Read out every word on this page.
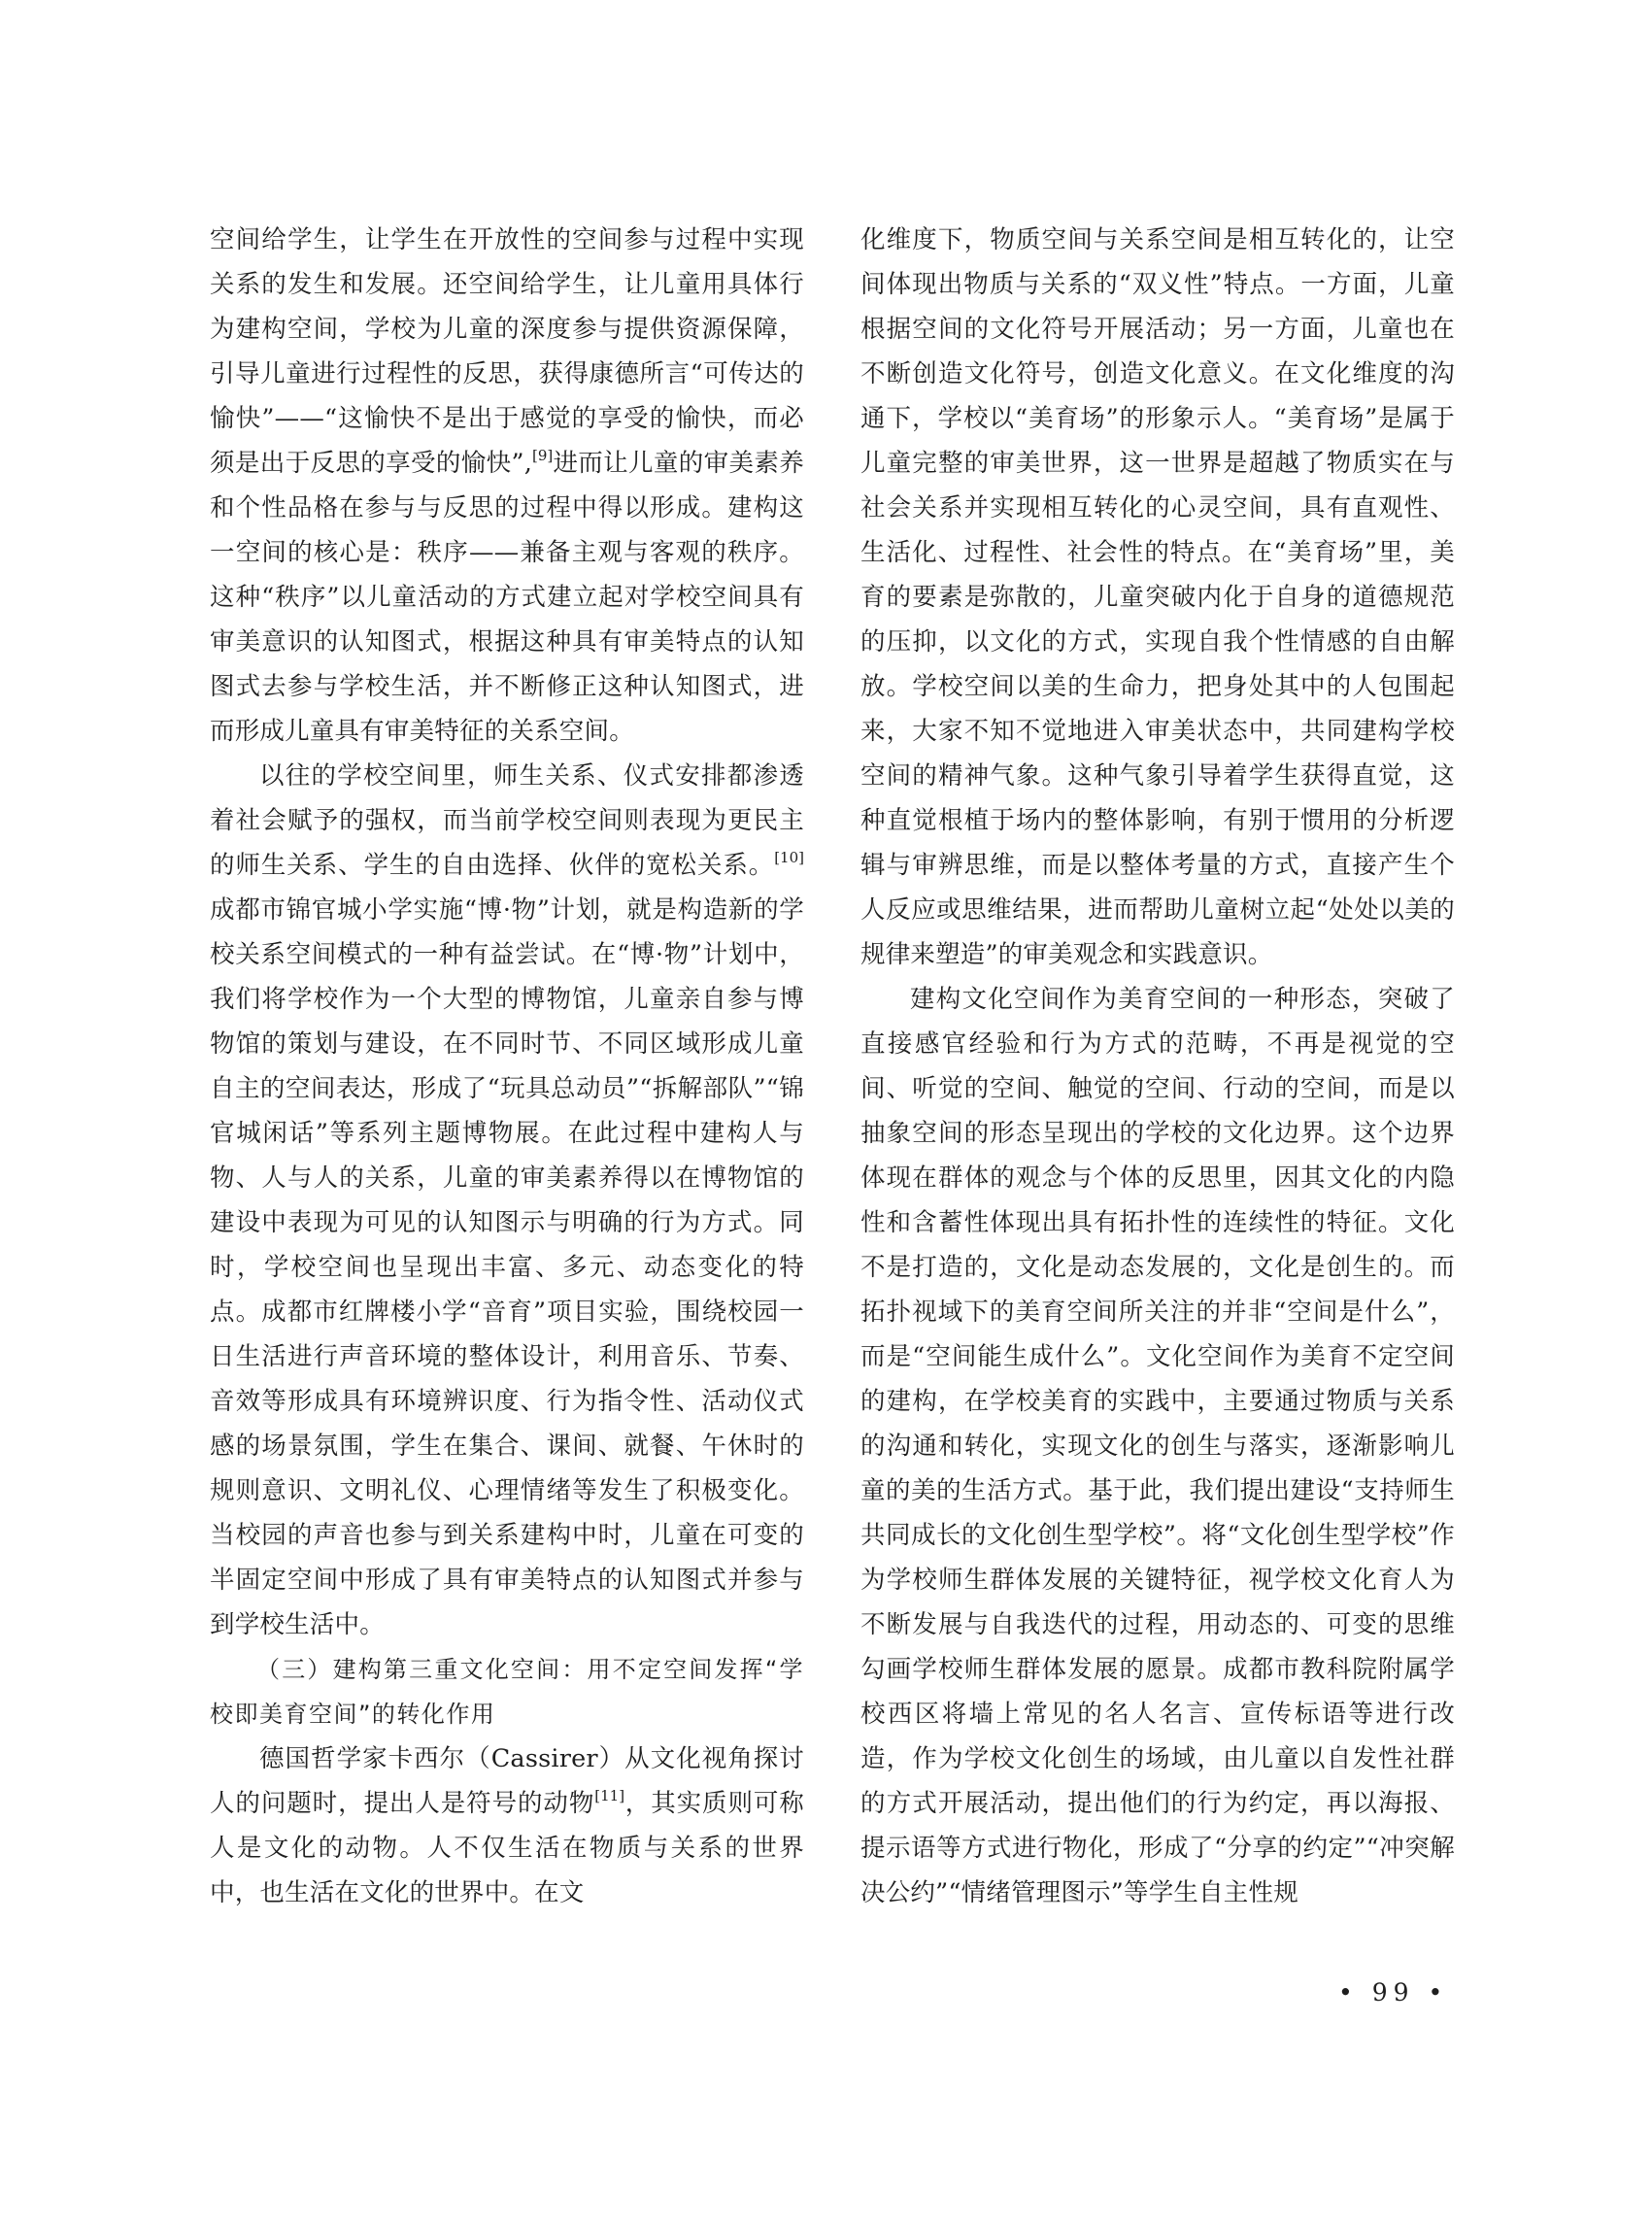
空间给学生，让学生在开放性的空间参与过程中实现关系的发生和发展。还空间给学生，让儿童用具体行为建构空间，学校为儿童的深度参与提供资源保障，引导儿童进行过程性的反思，获得康德所言“可传达的愉快”——“这愉快不是出于感觉的享受的愉快，而必须是出于反思的享受的愉快”,[9]进而让儿童的审美素养和个性品格在参与与反思的过程中得以形成。建构这一空间的核心是：秩序——兼备主观与客观的秩序。这种“秩序”以儿童活动的方式建立起对学校空间具有审美意识的认知图式，根据这种具有审美特点的认知图式去参与学校生活，并不断修正这种认知图式，进而形成儿童具有审美特征的关系空间。

以往的学校空间里，师生关系、仪式安排都渗透着社会赋予的强权，而当前学校空间则表现为更民主的师生关系、学生的自由选择、伙伴的宽松关系。[10]成都市锦官城小学实施“博·物”计划，就是构造新的学校关系空间模式的一种有益尝试。在“博·物”计划中，我们将学校作为一个大型的博物馆，儿童亲自参与博物馆的策划与建设，在不同时节、不同区域形成儿童自主的空间表达，形成了“玩具总动员”“拆解部队”“锦官城闲话”等系列主题博物展。在此过程中建构人与物、人与人的关系，儿童的审美素养得以在博物馆的建设中表现为可见的认知图示与明确的行为方式。同时，学校空间也呈现出丰富、多元、动态变化的特点。成都市红牌楼小学“音育”项目实验，围绕校园一日生活进行声音环境的整体设计，利用音乐、节奏、音效等形成具有环境辨识度、行为指令性、活动仪式感的场景氛围，学生在集合、课间、就餐、午休时的规则意识、文明礼仪、心理情绪等发生了积极变化。当校园的声音也参与到关系建构中时，儿童在可变的半固定空间中形成了具有审美特点的认知图式并参与到学校生活中。

（三）建构第三重文化空间：用不定空间发挥“学校即美育空间”的转化作用

德国哲学家卡西尔（Cassirer）从文化视角探讨人的问题时，提出人是符号的动物[11]，其实质则可称人是文化的动物。人不仅生活在物质与关系的世界中，也生活在文化的世界中。在文

化维度下，物质空间与关系空间是相互转化的，让空间体现出物质与关系的“双义性”特点。一方面，儿童根据空间的文化符号开展活动；另一方面，儿童也在不断创造文化符号，创造文化意义。在文化维度的沟通下，学校以“美育场”的形象示人。“美育场”是属于儿童完整的审美世界，这一世界是超越了物质实在与社会关系并实现相互转化的心灵空间，具有直观性、生活化、过程性、社会性的特点。在“美育场”里，美育的要素是弥散的，儿童突破内化于自身的道德规范的压抑，以文化的方式，实现自我个性情感的自由解放。学校空间以美的生命力，把身处其中的人包围起来，大家不知不觉地进入审美状态中，共同建构学校空间的精神气象。这种气象引导着学生获得直觉，这种直觉根植于场内的整体影响，有别于惯用的分析逻辑与审辨思维，而是以整体考量的方式，直接产生个人反应或思维结果，进而帮助儿童树立起“处处以美的规律来塑造”的审美观念和实践意识。

建构文化空间作为美育空间的一种形态，突破了直接感官经验和行为方式的范畴，不再是视觉的空间、听觉的空间、触觉的空间、行动的空间，而是以抽象空间的形态呈现出的学校的文化边界。这个边界体现在群体的观念与个体的反思里，因其文化的内隐性和含蓄性体现出具有拓扑性的连续性的特征。文化不是打造的，文化是动态发展的，文化是创生的。而拓扑视域下的美育空间所关注的并非“空间是什么”，而是“空间能生成什么”。文化空间作为美育不定空间的建构，在学校美育的实践中，主要通过物质与关系的沟通和转化，实现文化的创生与落实，逐渐影响儿童的美的生活方式。基于此，我们提出建设“支持师生共同成长的文化创生型学校”。将“文化创生型学校”作为学校师生群体发展的关键特征，视学校文化育人为不断发展与自我迭代的过程，用动态的、可变的思维勾画学校师生群体发展的愿景。成都市教科院附属学校西区将墙上常见的名人名言、宣传标语等进行改造，作为学校文化创生的场域，由儿童以自发性社群的方式开展活动，提出他们的行为约定，再以海报、提示语等方式进行物化，形成了“分享的约定”“冲突解决公约”“情绪管理图示”等学生自主性规

• 99 •
